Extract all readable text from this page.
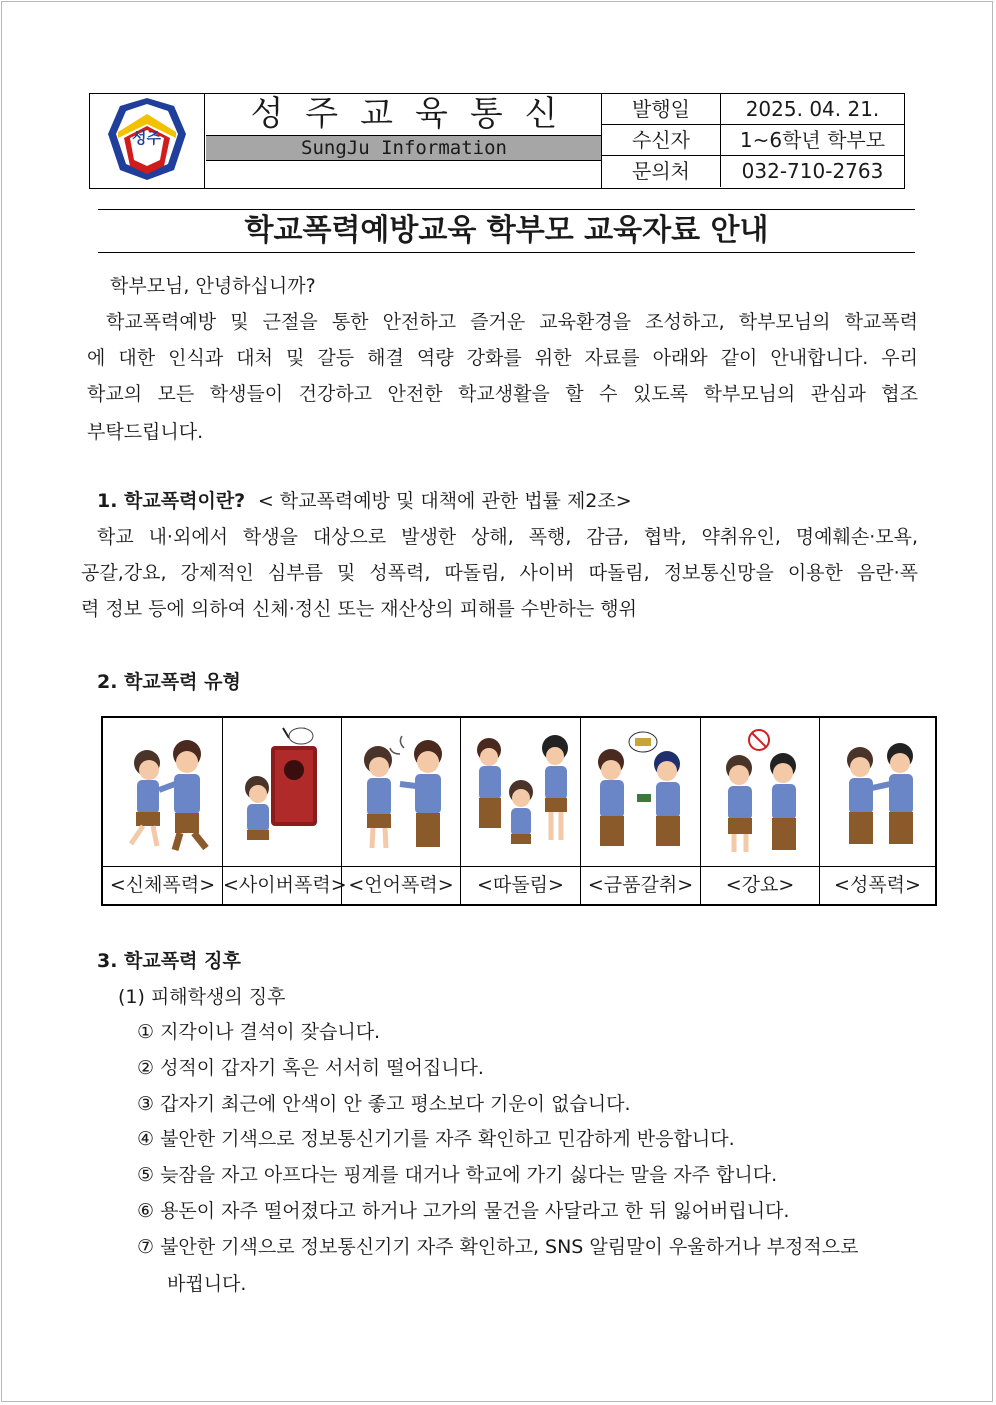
성주
성주교육통신
SungJu Information
발행일	2025. 04. 21.
수신자	1~6학년 학부모
문의처	032-710-2763
학교폭력예방교육 학부모 교육자료 안내
학부모님, 안녕하십니까?
학교폭력예방 및 근절을 통한 안전하고 즐거운 교육환경을 조성하고, 학부모님의 학교폭력
에 대한 인식과 대처 및 갈등 해결 역량 강화를 위한 자료를 아래와 같이 안내합니다. 우리
학교의 모든 학생들이 건강하고 안전한 학교생활을 할 수 있도록 학부모님의 관심과 협조
부탁드립니다.
1. 학교폭력이란? < 학교폭력예방 및 대책에 관한 법률 제2조>
학교 내·외에서 학생을 대상으로 발생한 상해, 폭행, 감금, 협박, 약취유인, 명예훼손·모욕,
공갈,강요, 강제적인 심부름 및 성폭력, 따돌림, 사이버 따돌림, 정보통신망을 이용한 음란·폭
력 정보 등에 의하여 신체·정신 또는 재산상의 피해를 수반하는 행위
2. 학교폭력 유형
<신체폭력> <사이버폭력> <언어폭력>	<따돌림>	<금품갈취>	<강요>	<성폭력>
3. 학교폭력 징후
(1) 피해학생의 징후
① 지각이나 결석이 잦습니다.
② 성적이 갑자기 혹은 서서히 떨어집니다.
③ 갑자기 최근에 안색이 안 좋고 평소보다 기운이 없습니다.
④ 불안한 기색으로 정보통신기기를 자주 확인하고 민감하게 반응합니다.
⑤ 늦잠을 자고 아프다는 핑계를 대거나 학교에 가기 싫다는 말을 자주 합니다.
⑥ 용돈이 자주 떨어졌다고 하거나 고가의 물건을 사달라고 한 뒤 잃어버립니다.
⑦ 불안한 기색으로 정보통신기기 자주 확인하고, SNS 알림말이 우울하거나 부정적으로
바뀝니다.
